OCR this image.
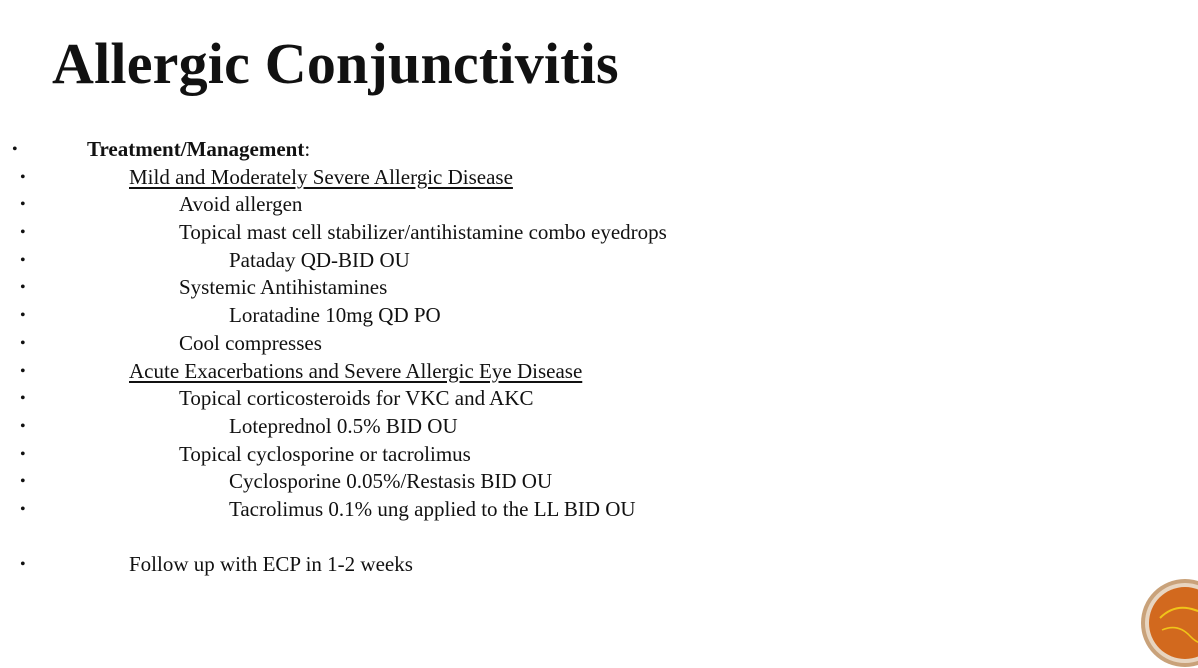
Allergic Conjunctivitis
•	Treatment/Management:
•	Mild and Moderately Severe Allergic Disease
•	Avoid allergen
•	Topical mast cell stabilizer/antihistamine combo eyedrops
•	Pataday QD-BID OU
•	Systemic Antihistamines
•	Loratadine 10mg QD PO
•	Cool compresses
•	Acute Exacerbations and Severe Allergic Eye Disease
•	Topical corticosteroids for VKC and AKC
•	Loteprednol 0.5% BID OU
•	Topical cyclosporine or tacrolimus
•	Cyclosporine 0.05%/Restasis BID OU
•	Tacrolimus 0.1% ung applied to the LL BID OU
•	Follow up with ECP in 1-2 weeks
